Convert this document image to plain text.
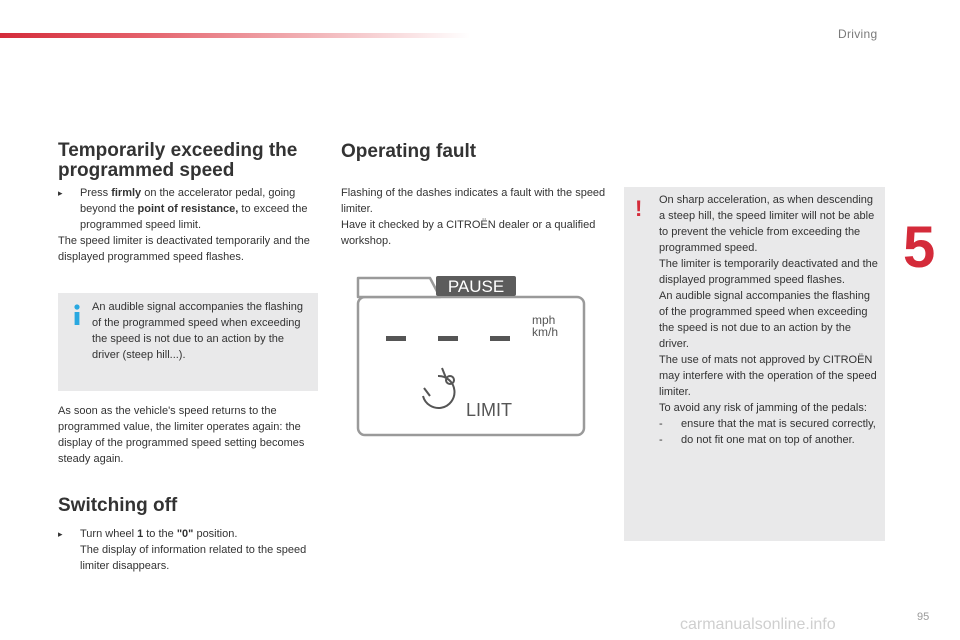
Driving
5
95
carmanualsonline.info
Temporarily exceeding the programmed speed
▸ Press firmly on the accelerator pedal, going beyond the point of resistance, to exceed the programmed speed limit.

The speed limiter is deactivated temporarily and the displayed programmed speed flashes.

An audible signal accompanies the flashing of the programmed speed when exceeding the speed is not due to an action by the driver (steep hill...).

As soon as the vehicle's speed returns to the programmed value, the limiter operates again: the display of the programmed speed setting becomes steady again.

Switching off
▸ Turn wheel 1 to the "0" position.
The display of information related to the speed limiter disappears.
Operating fault

Flashing of the dashes indicates a fault with the speed limiter.
Have it checked by a CITROËN dealer or a qualified workshop.

PAUSE
mph
km/h
LIMIT
! On sharp acceleration, as when descending a steep hill, the speed limiter will not be able to prevent the vehicle from exceeding the programmed speed.
The limiter is temporarily deactivated and the displayed programmed speed flashes.
An audible signal accompanies the flashing of the programmed speed when exceeding the speed is not due to an action by the driver.
The use of mats not approved by CITROËN may interfere with the operation of the speed limiter.
To avoid any risk of jamming of the pedals:
- ensure that the mat is secured correctly,
- do not fit one mat on top of another.
